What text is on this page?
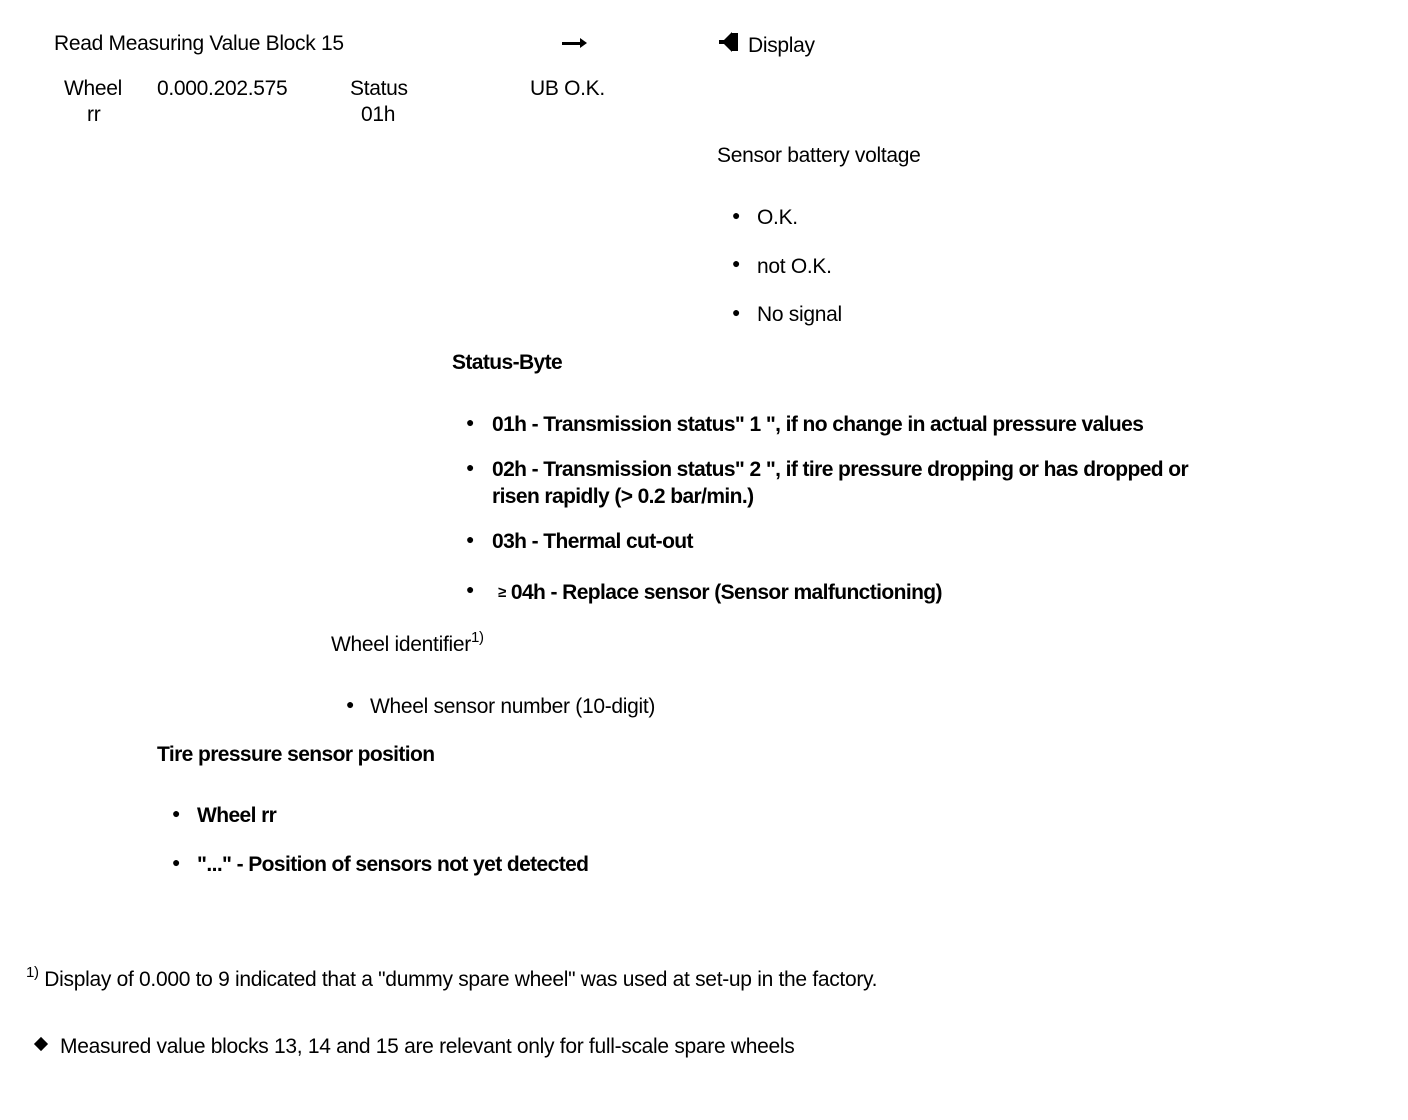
Read Measuring Value Block 15	Display
Wheel
rr
0.000.202.575	Status
01h
UB O.K.
Sensor battery voltage
● O.K.
● not O.K.
● No signal
Status-Byte
● 01h - Transmission status" 1 ", if no change in actual pressure values
● 02h - Transmission status" 2 ", if tire pressure dropping or has dropped or
risen rapidly (> 0.2 bar/min.)
● 03h - Thermal cut-out
● ≥ 04h - Replace sensor (Sensor malfunctioning)
Wheel identifier$^{1)}$
● Wheel sensor number (10-digit)
Tire pressure sensor position
● Wheel rr
● "..." - Position of sensors not yet detected
$^{1)}$ Display of 0.000 to 9 indicated that a "dummy spare wheel" was used at set-up in the factory.
Measured value blocks 13, 14 and 15 are relevant only for full-scale spare wheels
